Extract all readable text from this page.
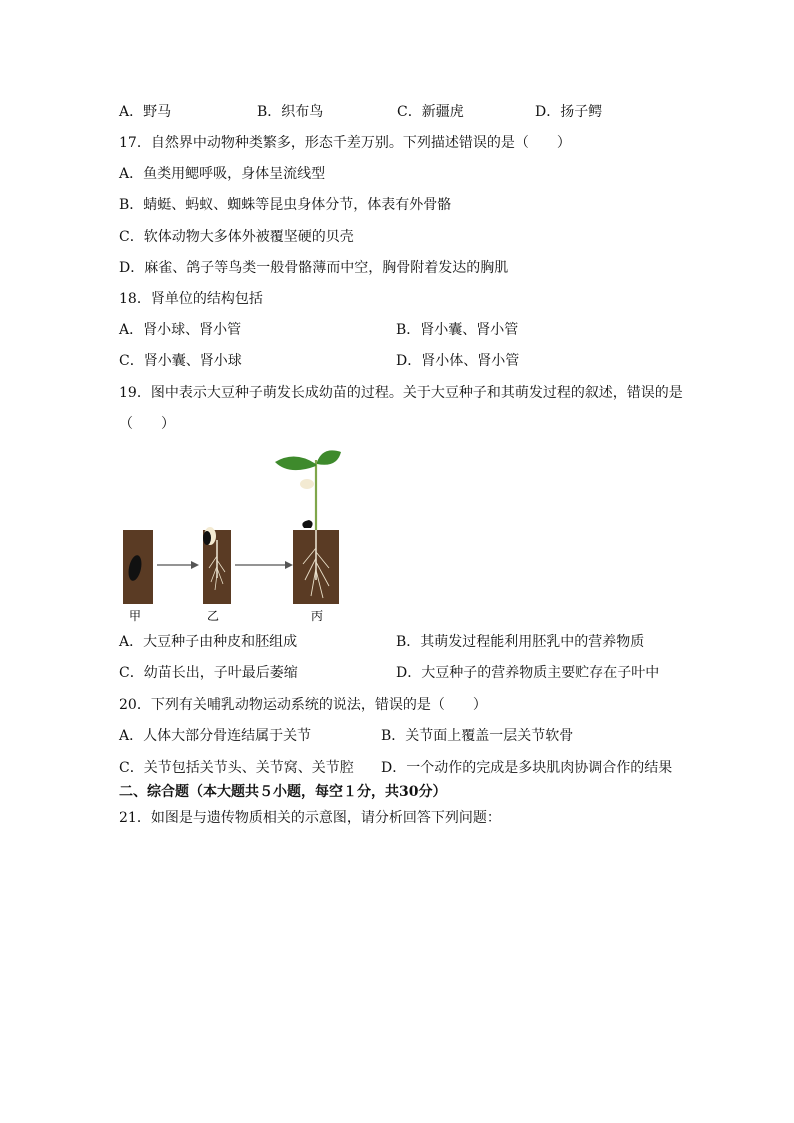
A．野马	B．织布鸟	C．新疆虎	D．扬子鳄
17．自然界中动物种类繁多，形态千差万别。下列描述错误的是（　　）
A．鱼类用鳃呼吸，身体呈流线型
B．蜻蜓、蚂蚁、蜘蛛等昆虫身体分节，体表有外骨骼
C．软体动物大多体外被覆坚硬的贝壳
D．麻雀、鸽子等鸟类一般骨骼薄而中空，胸骨附着发达的胸肌
18．肾单位的结构包括
A．肾小球、肾小管	B．肾小囊、肾小管
C．肾小囊、肾小球	D．肾小体、肾小管
19．图中表示大豆种子萌发长成幼苗的过程。关于大豆种子和其萌发过程的叙述，错误的是
（　　）
甲	乙	丙
A．大豆种子由种皮和胚组成	B．其萌发过程能利用胚乳中的营养物质
C．幼苗长出，子叶最后萎缩	D．大豆种子的营养物质主要贮存在子叶中
20．下列有关哺乳动物运动系统的说法，错误的是（　　）
A．人体大部分骨连结属于关节	B．关节面上覆盖一层关节软骨
C．关节包括关节头、关节窝、关节腔 D．一个动作的完成是多块肌肉协调合作的结果
二、综合题（本大题共５小题，每空１分，共30分）
21．如图是与遗传物质相关的示意图，请分析回答下列问题：
